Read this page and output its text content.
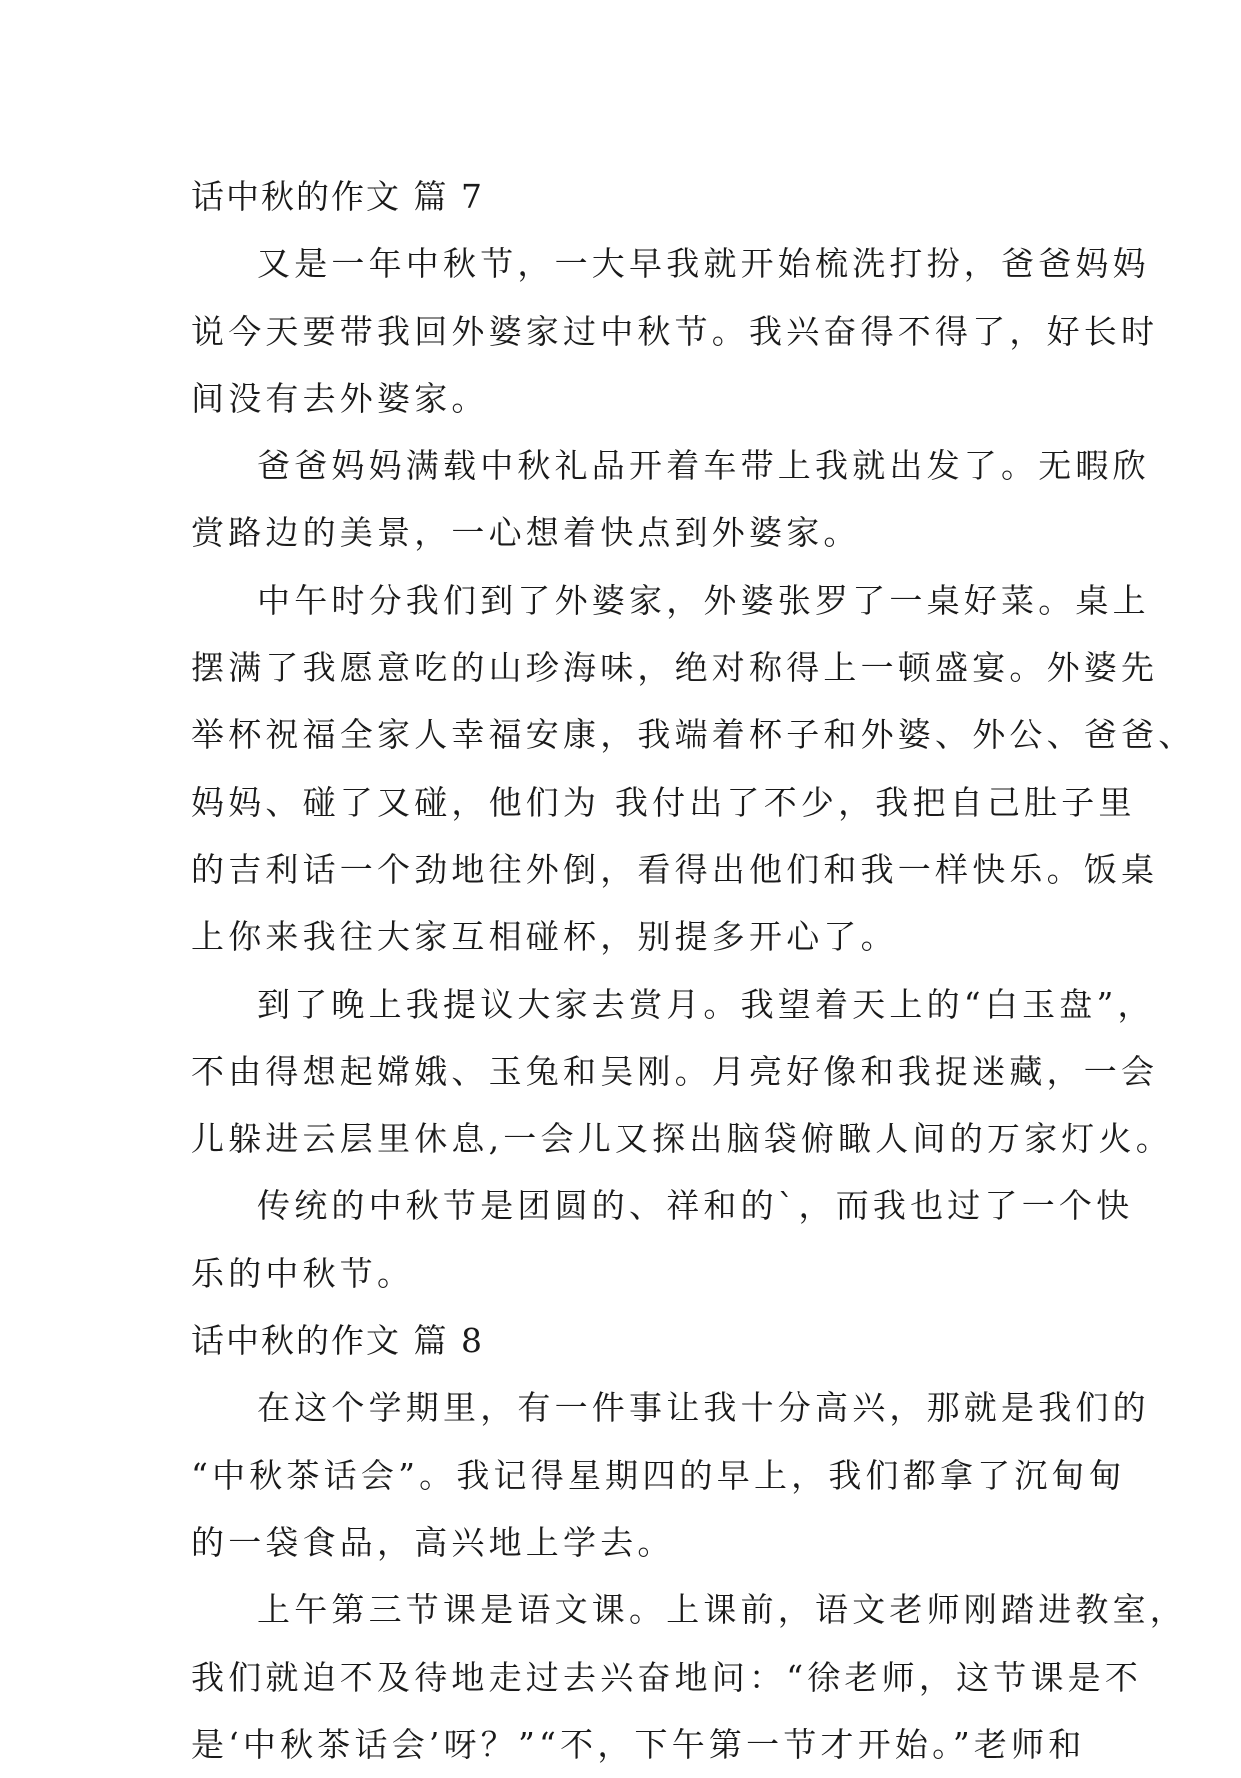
话中秋的作文 篇 7
又是一年中秋节，一大早我就开始梳洗打扮，爸爸妈妈
说今天要带我回外婆家过中秋节。我兴奋得不得了，好长时
间没有去外婆家。
爸爸妈妈满载中秋礼品开着车带上我就出发了。无暇欣
赏路边的美景，一心想着快点到外婆家。
中午时分我们到了外婆家，外婆张罗了一桌好菜。桌上
摆满了我愿意吃的山珍海味，绝对称得上一顿盛宴。外婆先
举杯祝福全家人幸福安康，我端着杯子和外婆、外公、爸爸、
妈妈、碰了又碰，他们为 我付出了不少，我把自己肚子里
的吉利话一个劲地往外倒，看得出他们和我一样快乐。饭桌
上你来我往大家互相碰杯，别提多开心了。
到了晚上我提议大家去赏月。我望着天上的“白玉盘”，
不由得想起嫦娥、玉兔和吴刚。月亮好像和我捉迷藏，一会
儿躲进云层里休息,一会儿又探出脑袋俯瞰人间的万家灯火。
传统的中秋节是团圆的、祥和的`，而我也过了一个快
乐的中秋节。
话中秋的作文 篇 8
在这个学期里，有一件事让我十分高兴，那就是我们的
“中秋茶话会”。我记得星期四的早上，我们都拿了沉甸甸
的一袋食品，高兴地上学去。
上午第三节课是语文课。上课前，语文老师刚踏进教室，
我们就迫不及待地走过去兴奋地问：“徐老师，这节课是不
是‘中秋茶话会’呀？”“不，下午第一节才开始。”老师和
